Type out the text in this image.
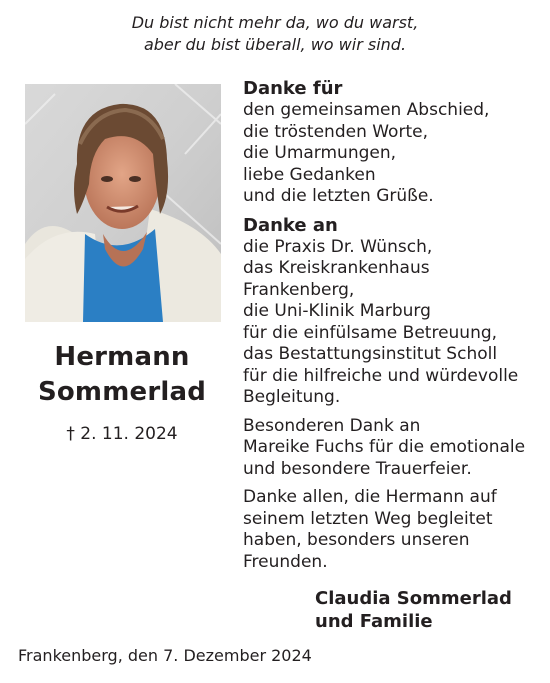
Du bist nicht mehr da, wo du warst,
aber du bist überall, wo wir sind.
Hermann
Sommerlad
† 2. 11. 2024
Danke für
den gemeinsamen Abschied,
die tröstenden Worte,
die Umarmungen,
liebe Gedanken
und die letzten Grüße.
Danke an
die Praxis Dr. Wünsch,
das Kreiskrankenhaus
Frankenberg,
die Uni-Klinik Marburg
für die einfülsame Betreuung,
das Bestattungsinstitut Scholl
für die hilfreiche und würdevolle
Begleitung.
Besonderen Dank an
Mareike Fuchs für die emotionale
und besondere Trauerfeier.
Danke allen, die Hermann auf
seinem letzten Weg begleitet
haben, besonders unseren
Freunden.
Claudia Sommerlad
und Familie
Frankenberg, den 7. Dezember 2024
